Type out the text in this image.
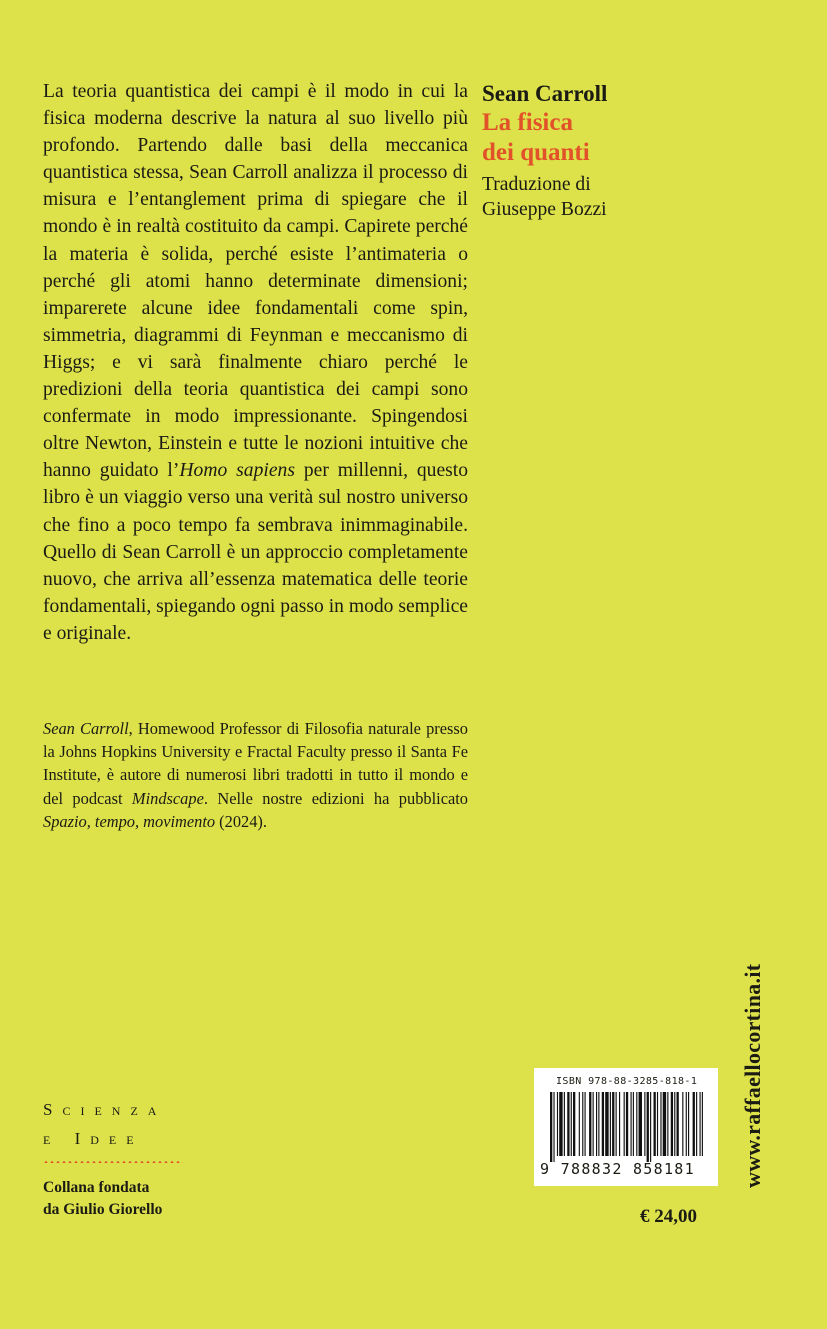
La teoria quantistica dei campi è il modo in cui la fisica moderna descrive la natura al suo livello più profondo. Partendo dalle basi della meccanica quantistica stessa, Sean Carroll analizza il processo di misura e l’entanglement prima di spiegare che il mondo è in realtà costituito da campi. Capirete perché la materia è solida, perché esiste l’antimateria o perché gli atomi hanno determinate dimensioni; imparerete alcune idee fondamentali come spin, simmetria, diagrammi di Feynman e meccanismo di Higgs; e vi sarà finalmente chiaro perché le predizioni della teoria quantistica dei campi sono confermate in modo impressionante. Spingendosi oltre Newton, Einstein e tutte le nozioni intuitive che hanno guidato l’Homo sapiens per millenni, questo libro è un viaggio verso una verità sul nostro universo che fino a poco tempo fa sembrava inimmaginabile. Quello di Sean Carroll è un approccio completamente nuovo, che arriva all’essenza matematica delle teorie fondamentali, spiegando ogni passo in modo semplice e originale.

Sean Carroll, Homewood Professor di Filosofia naturale presso la Johns Hopkins University e Fractal Faculty presso il Santa Fe Institute, è autore di numerosi libri tradotti in tutto il mondo e del podcast Mindscape. Nelle nostre edizioni ha pubblicato Spazio, tempo, movimento (2024).

Sean Carroll
La fisica
dei quanti
Traduzione di
Giuseppe Bozzi
Scienza
e Idee
Collana fondata
da Giulio Giorello
ISBN 978-88-3285-818-1
9 788832 858181
€ 24,00
www.raffaellocortina.it
